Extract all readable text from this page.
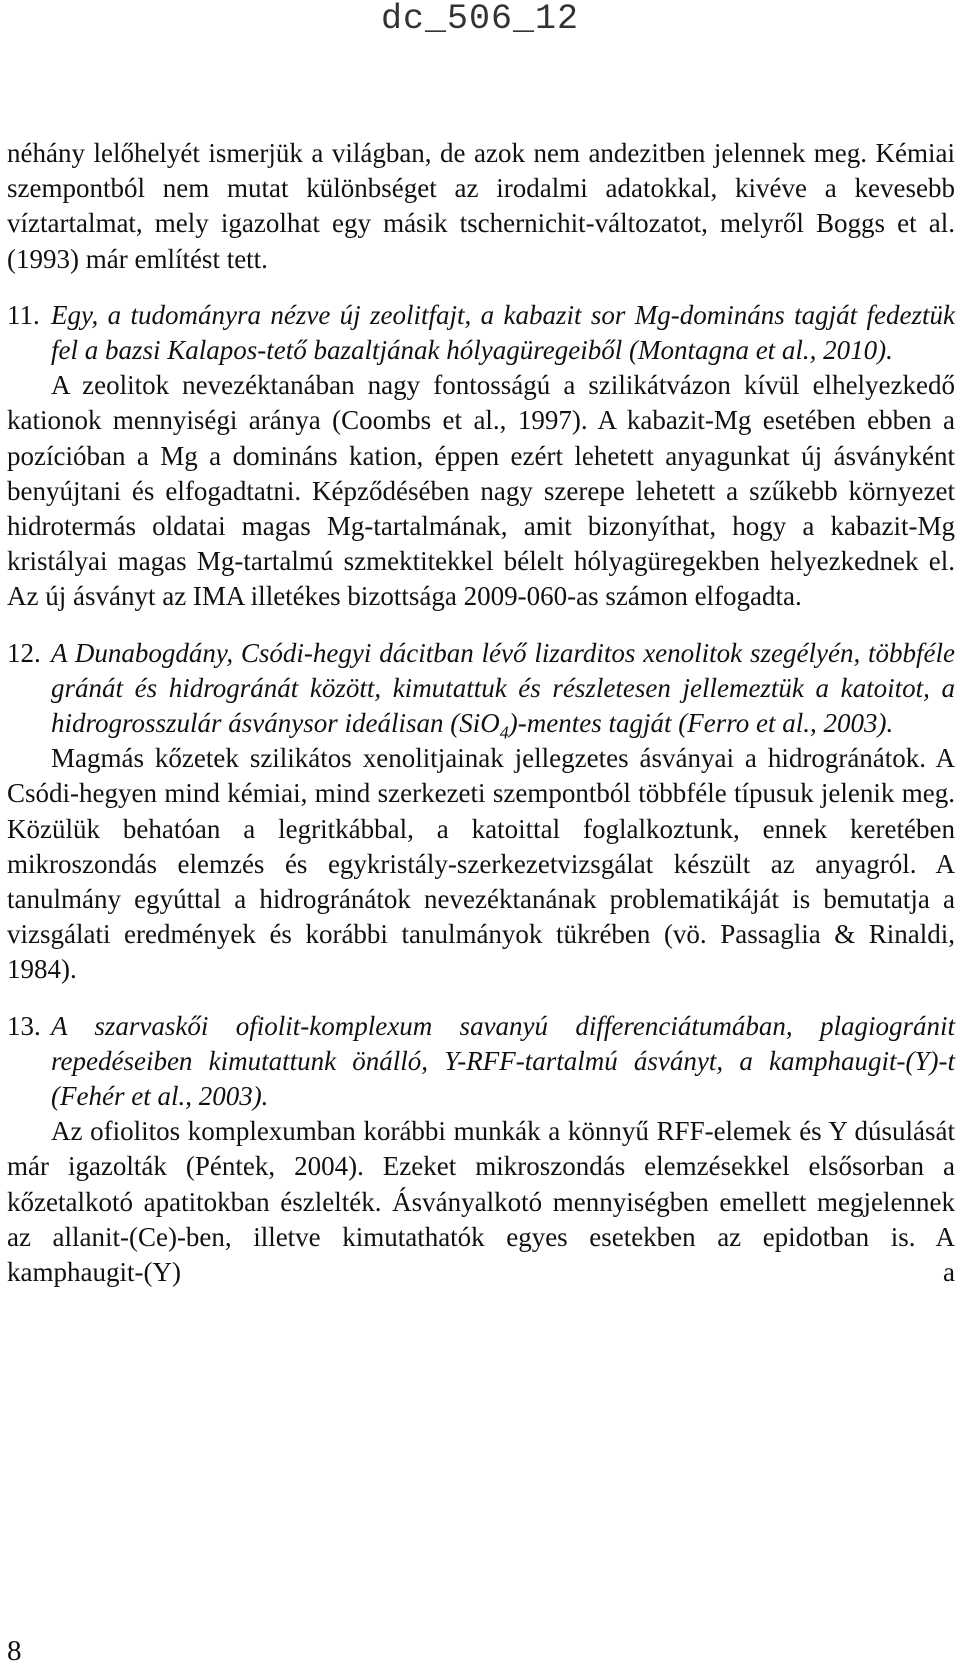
dc_506_12

néhány lelőhelyét ismerjük a világban, de azok nem andezitben jelennek meg. Kémiai szempontból nem mutat különbséget az irodalmi adatokkal, kivéve a kevesebb víztartalmat, mely igazolhat egy másik tschernichit-változatot, melyről Boggs et al. (1993) már említést tett.

11. Egy, a tudományra nézve új zeolitfajt, a kabazit sor Mg-domináns tagját fedeztük fel a bazsi Kalapos-tető bazaltjának hólyagüregeiből (Montagna et al., 2010).

A zeolitok nevezéktanában nagy fontosságú a szilikátvázon kívül elhelyezkedő kationok mennyiségi aránya (Coombs et al., 1997). A kabazit-Mg esetében ebben a pozícióban a Mg a domináns kation, éppen ezért lehetett anyagunkat új ásványként benyújtani és elfogadtatni. Képződésében nagy szerepe lehetett a szűkebb környezet hidrotermás oldatai magas Mg-tartalmának, amit bizonyíthat, hogy a kabazit-Mg kristályai magas Mg-tartalmú szmektitekkel bélelt hólyagüregekben helyezkednek el. Az új ásványt az IMA illetékes bizottsága 2009-060-as számon elfogadta.

12. A Dunabogdány, Csódi-hegyi dácitban lévő lizarditos xenolitok szegélyén, többféle gránát és hidrogránát között, kimutattuk és részletesen jellemeztük a katoitot, a hidrogrosszulár ásványsor ideálisan (SiO$_4$)-mentes tagját (Ferro et al., 2003).

Magmás kőzetek szilikátos xenolitjainak jellegzetes ásványai a hidrogránátok. A Csódi-hegyen mind kémiai, mind szerkezeti szempontból többféle típusuk jelenik meg. Közülük behatóan a legritkábbal, a katoittal foglalkoztunk, ennek keretében mikroszondás elemzés és egykristály-szerkezetvizsgálat készült az anyagról. A tanulmány egyúttal a hidrogránátok nevezéktanának problematikáját is bemutatja a vizsgálati eredmények és korábbi tanulmányok tükrében (vö. Passaglia & Rinaldi, 1984).

13. A szarvaskői ofiolit-komplexum savanyú differenciátumában, plagiogránit repedéseiben kimutattunk önálló, Y-RFF-tartalmú ásványt, a kamphaugit-(Y)-t (Fehér et al., 2003).

Az ofiolitos komplexumban korábbi munkák a könnyű RFF-elemek és Y dúsulását már igazolták (Péntek, 2004). Ezeket mikroszondás elemzésekkel elsősorban a kőzetalkotó apatitokban észlelték. Ásványalkotó mennyiségben emellett megjelennek az allanit-(Ce)-ben, illetve kimutathatók egyes esetekben az epidotban is. A kamphaugit-(Y) a

8
